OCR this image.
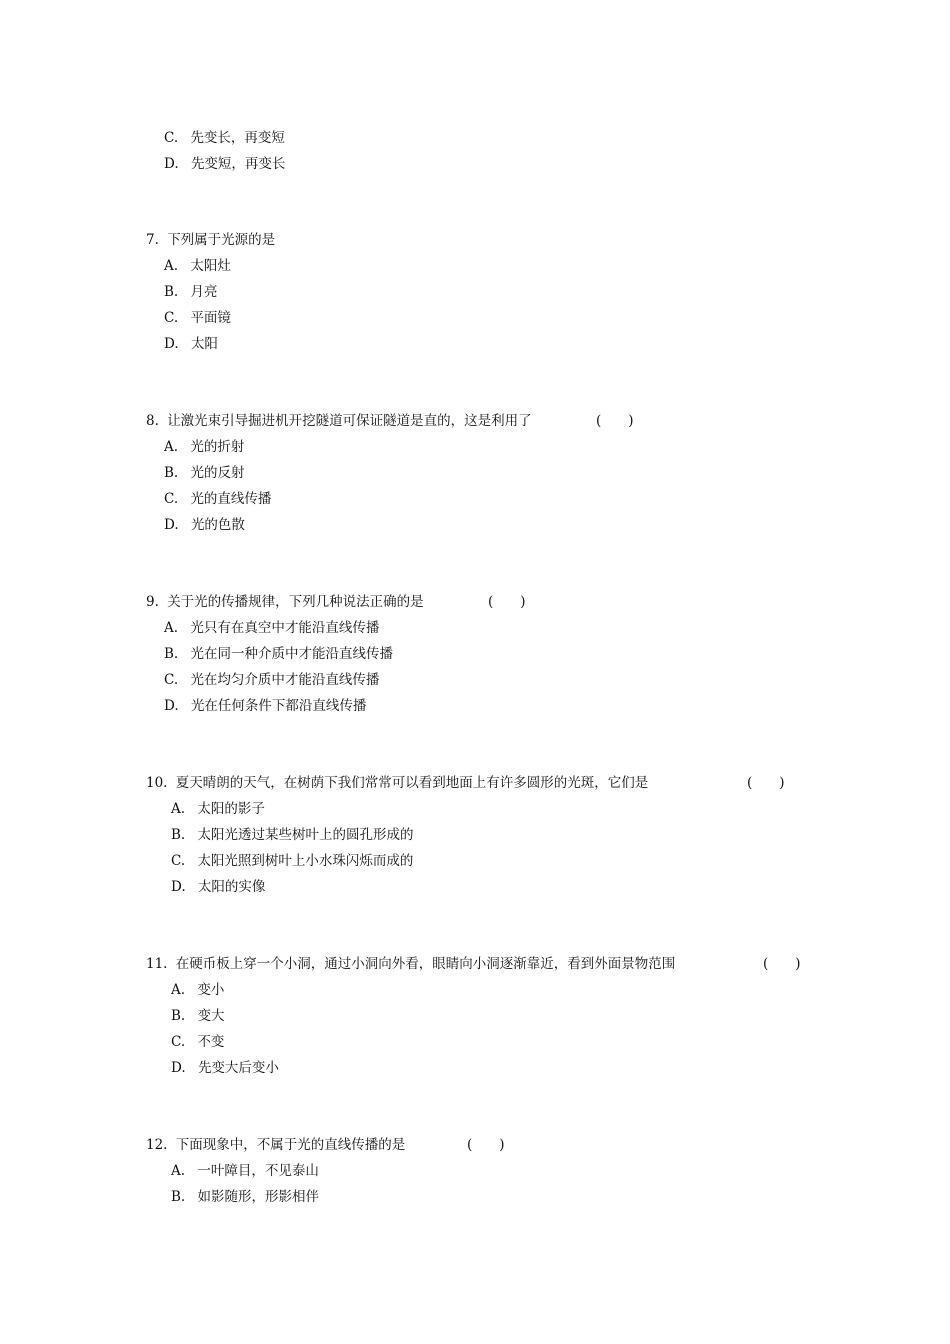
C. 先变长，再变短
D. 先变短，再变长
7. 下列属于光源的是
A. 太阳灶
B. 月亮
C. 平面镜
D. 太阳
8. 让激光束引导掘进机开挖隧道可保证隧道是直的，这是利用了	(　　)
A. 光的折射
B. 光的反射
C. 光的直线传播
D. 光的色散
9. 关于光的传播规律，下列几种说法正确的是	(　　)
A. 光只有在真空中才能沿直线传播
B. 光在同一种介质中才能沿直线传播
C. 光在均匀介质中才能沿直线传播
D. 光在任何条件下都沿直线传播
10. 夏天晴朗的天气，在树荫下我们常常可以看到地面上有许多圆形的光斑，它们是	(　　)
A. 太阳的影子
B. 太阳光透过某些树叶上的圆孔形成的
C. 太阳光照到树叶上小水珠闪烁而成的
D. 太阳的实像
11. 在硬币板上穿一个小洞，通过小洞向外看，眼睛向小洞逐渐靠近，看到外面景物范围	(　　)
A. 变小
B. 变大
C. 不变
D. 先变大后变小
12. 下面现象中，不属于光的直线传播的是	(　　)
A. 一叶障目，不见泰山
B. 如影随形，形影相伴
